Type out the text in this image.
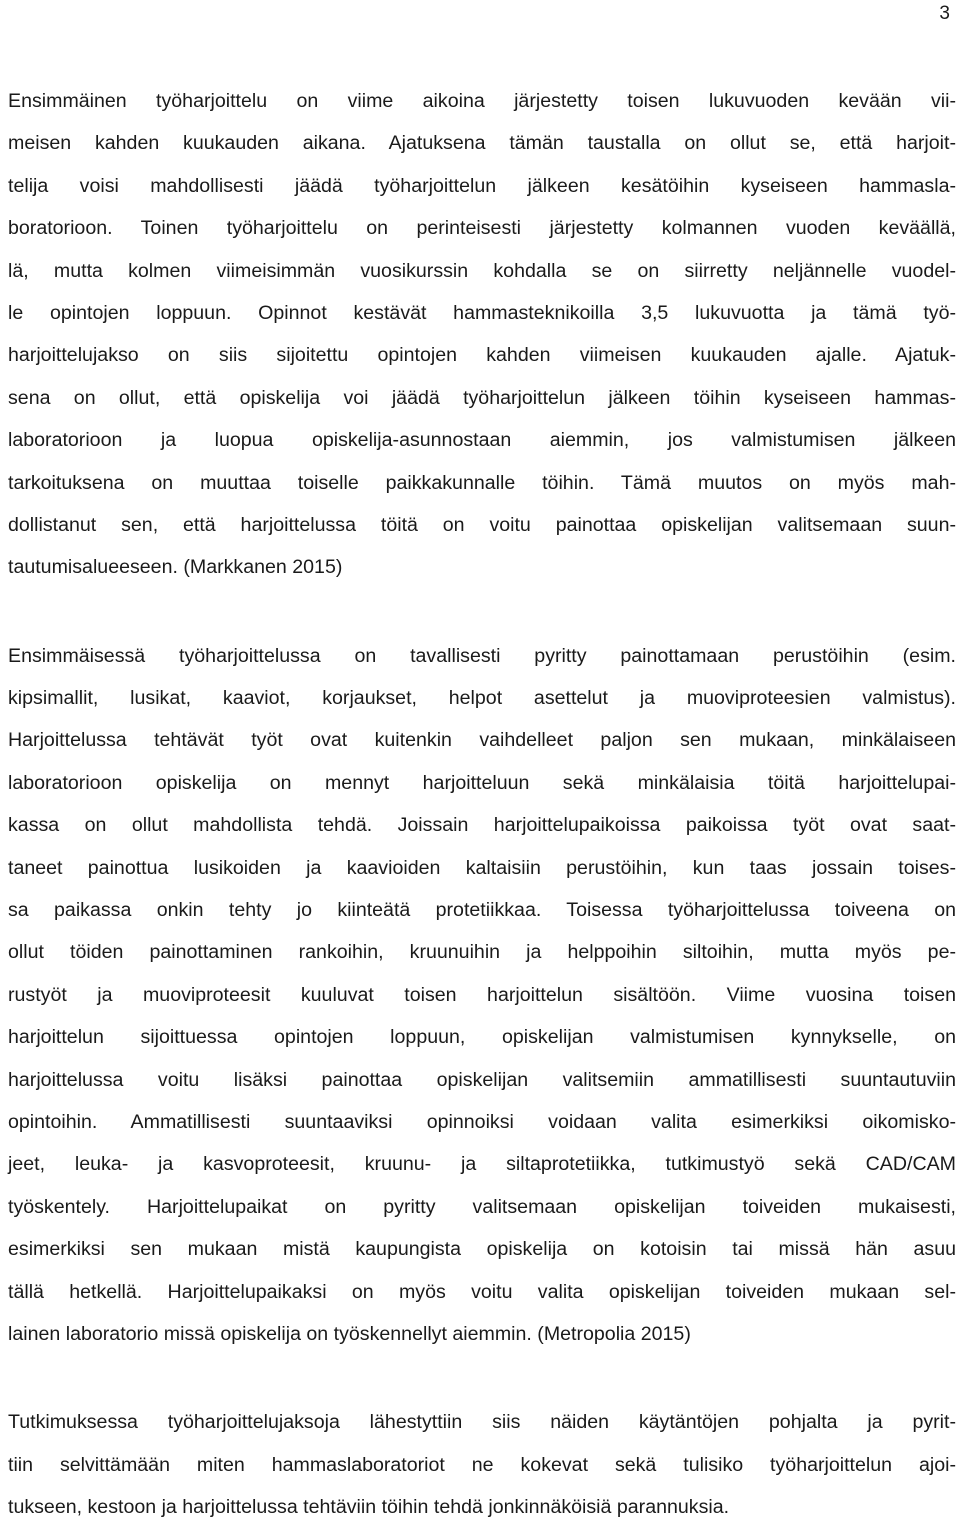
3

Ensimmäinen työharjoittelu on viime aikoina järjestetty toisen lukuvuoden kevään vii-
meisen kahden kuukauden aikana. Ajatuksena tämän taustalla on ollut se, että harjoit-
telija voisi mahdollisesti jäädä työharjoittelun jälkeen kesätöihin kyseiseen hammasla-
boratorioon. Toinen työharjoittelu on perinteisesti järjestetty kolmannen vuoden keväällä,
lä, mutta kolmen viimeisimmän vuosikurssin kohdalla se on siirretty neljännelle vuodel-
le opintojen loppuun. Opinnot kestävät hammasteknikoilla 3,5 lukuvuotta ja tämä työ-
harjoittelujakso on siis sijoitettu opintojen kahden viimeisen kuukauden ajalle. Ajatuk-
sena on ollut, että opiskelija voi jäädä työharjoittelun jälkeen töihin kyseiseen hammas-
laboratorioon ja luopua opiskelija-asunnostaan aiemmin, jos valmistumisen jälkeen
tarkoituksena on muuttaa toiselle paikkakunnalle töihin. Tämä muutos on myös mah-
dollistanut sen, että harjoittelussa töitä on voitu painottaa opiskelijan valitsemaan suun-
tautumisalueeseen. (Markkanen 2015)
Ensimmäisessä työharjoittelussa on tavallisesti pyritty painottamaan perustöihin (esim.
kipsimallit, lusikat, kaaviot, korjaukset, helpot asettelut ja muoviproteesien valmistus).
Harjoittelussa tehtävät työt ovat kuitenkin vaihdelleet paljon sen mukaan, minkälaiseen
laboratorioon opiskelija on mennyt harjoitteluun sekä minkälaisia töitä harjoittelupai-
kassa on ollut mahdollista tehdä. Joissain harjoittelupaikoissa paikoissa työt ovat saat-
taneet painottua lusikoiden ja kaavioiden kaltaisiin perustöihin, kun taas jossain toises-
sa paikassa onkin tehty jo kiinteätä protetiikkaa. Toisessa työharjoittelussa toiveena on
ollut töiden painottaminen rankoihin, kruunuihin ja helppoihin siltoihin, mutta myös pe-
rustyöt ja muoviproteesit kuuluvat toisen harjoittelun sisältöön. Viime vuosina toisen
harjoittelun sijoittuessa opintojen loppuun, opiskelijan valmistumisen kynnykselle, on
harjoittelussa voitu lisäksi painottaa opiskelijan valitsemiin ammatillisesti suuntautuviin
opintoihin. Ammatillisesti suuntaaviksi opinnoiksi voidaan valita esimerkiksi oikomisko-
jeet, leuka- ja kasvoproteesit, kruunu- ja siltaprotetiikka, tutkimustyö sekä CAD/CAM
työskentely. Harjoittelupaikat on pyritty valitsemaan opiskelijan toiveiden mukaisesti,
esimerkiksi sen mukaan mistä kaupungista opiskelija on kotoisin tai missä hän asuu
tällä hetkellä. Harjoittelupaikaksi on myös voitu valita opiskelijan toiveiden mukaan sel-
lainen laboratorio missä opiskelija on työskennellyt aiemmin. (Metropolia 2015)
Tutkimuksessa työharjoittelujaksoja lähestyttiin siis näiden käytäntöjen pohjalta ja pyrit-
tiin selvittämään miten hammaslaboratoriot ne kokevat sekä tulisiko työharjoittelun ajoi-
tukseen, kestoon ja harjoittelussa tehtäviin töihin tehdä jonkinnäköisiä parannuksia.
